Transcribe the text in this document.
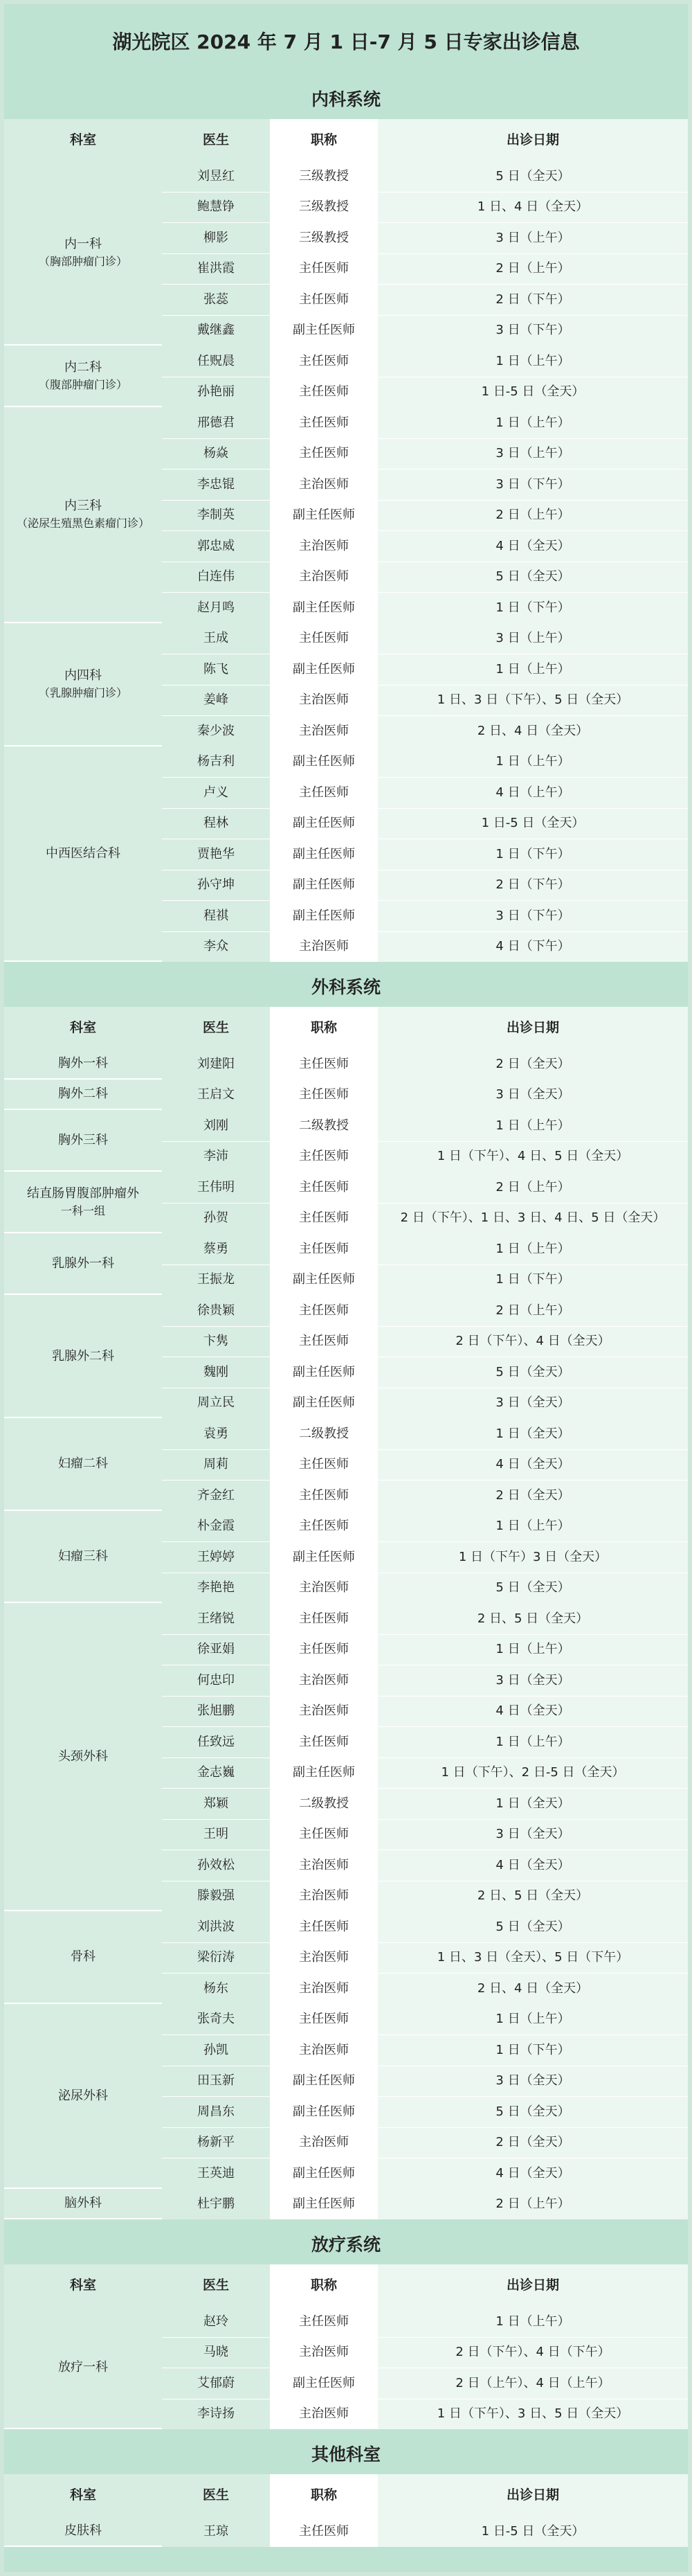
湖光院区 2024 年 7 月 1 日-7 月 5 日专家出诊信息
内科系统
科室	医生	职称	出诊日期
内一科
（胸部肿瘤门诊）
刘昱红	三级教授	5 日（全天）
鲍慧铮	三级教授	1 日、4 日（全天）
柳影	三级教授	3 日（上午）
崔洪霞	主任医师	2 日（上午）
张蕊	主任医师	2 日（下午）
戴继鑫	副主任医师	3 日（下午）
内二科
（腹部肿瘤门诊）
任贶晨	主任医师	1 日（上午）
孙艳丽	主任医师	1 日-5 日（全天）
内三科
（泌尿生殖黑色素瘤门诊）
邢德君	主任医师	1 日（上午）
杨焱	主任医师	3 日（上午）
李忠锟	主治医师	3 日（下午）
李制英	副主任医师	2 日（上午）
郭忠威	主治医师	4 日（全天）
白连伟	主治医师	5 日（全天）
赵月鸣	副主任医师	1 日（下午）
内四科
（乳腺肿瘤门诊）
王成	主任医师	3 日（上午）
陈飞	副主任医师	1 日（上午）
姜峰	主治医师	1 日、3 日（下午）、5 日（全天）
秦少波	主治医师	2 日、4 日（全天）
中西医结合科
杨吉利	副主任医师	1 日（上午）
卢义	主任医师	4 日（上午）
程林	副主任医师	1 日-5 日（全天）
贾艳华	副主任医师	1 日（下午）
孙守坤	副主任医师	2 日（下午）
程祺	副主任医师	3 日（下午）
李众	主治医师	4 日（下午）
外科系统
科室	医生	职称	出诊日期
胸外一科	刘建阳	主任医师	2 日（全天）
胸外二科	王启文	主任医师	3 日（全天）
胸外三科
刘刚	二级教授	1 日（上午）
李沛	主任医师	1 日（下午）、4 日、5 日（全天）
结直肠胃腹部肿瘤外
一科一组
王伟明	主任医师	2 日（上午）
孙贺	主任医师	2 日（下午）、1 日、3 日、4 日、5 日（全天）
乳腺外一科
蔡勇	主任医师	1 日（上午）
王振龙	副主任医师	1 日（下午）
乳腺外二科
徐贵颖	主任医师	2 日（上午）
卞隽	主任医师	2 日（下午）、4 日（全天）
魏刚	副主任医师	5 日（全天）
周立民	副主任医师	3 日（全天）
妇瘤二科
袁勇	二级教授	1 日（全天）
周莉	主任医师	4 日（全天）
齐金红	主任医师	2 日（全天）
妇瘤三科
朴金霞	主任医师	1 日（上午）
王婷婷	副主任医师	1 日（下午）3 日（全天）
李艳艳	主治医师	5 日（全天）
头颈外科
王绪锐	主任医师	2 日、5 日（全天）
徐亚娟	主任医师	1 日（上午）
何忠印	主治医师	3 日（全天）
张旭鹏	主治医师	4 日（全天）
任致远	主任医师	1 日（上午）
金志巍	副主任医师	1 日（下午）、2 日-5 日（全天）
郑颖	二级教授	1 日（全天）
王明	主任医师	3 日（全天）
孙效松	主治医师	4 日（全天）
滕毅强	主治医师	2 日、5 日（全天）
骨科
刘洪波	主任医师	5 日（全天）
梁衍涛	主治医师	1 日、3 日（全天）、5 日（下午）
杨东	主治医师	2 日、4 日（全天）
泌尿外科
张奇夫	主任医师	1 日（上午）
孙凯	主治医师	1 日（下午）
田玉新	副主任医师	3 日（全天）
周昌东	副主任医师	5 日（全天）
杨新平	主治医师	2 日（全天）
王英迪	副主任医师	4 日（全天）
脑外科	杜宇鹏	副主任医师	2 日（上午）
放疗系统
科室	医生	职称	出诊日期
放疗一科
赵玲	主任医师	1 日（上午）
马晓	主治医师	2 日（下午）、4 日（下午）
艾郁蔚	副主任医师	2 日（上午）、4 日（上午）
李诗扬	主治医师	1 日（下午）、3 日、5 日（全天）
其他科室
科室	医生	职称	出诊日期
皮肤科	王琼	主任医师	1 日-5 日（全天）
